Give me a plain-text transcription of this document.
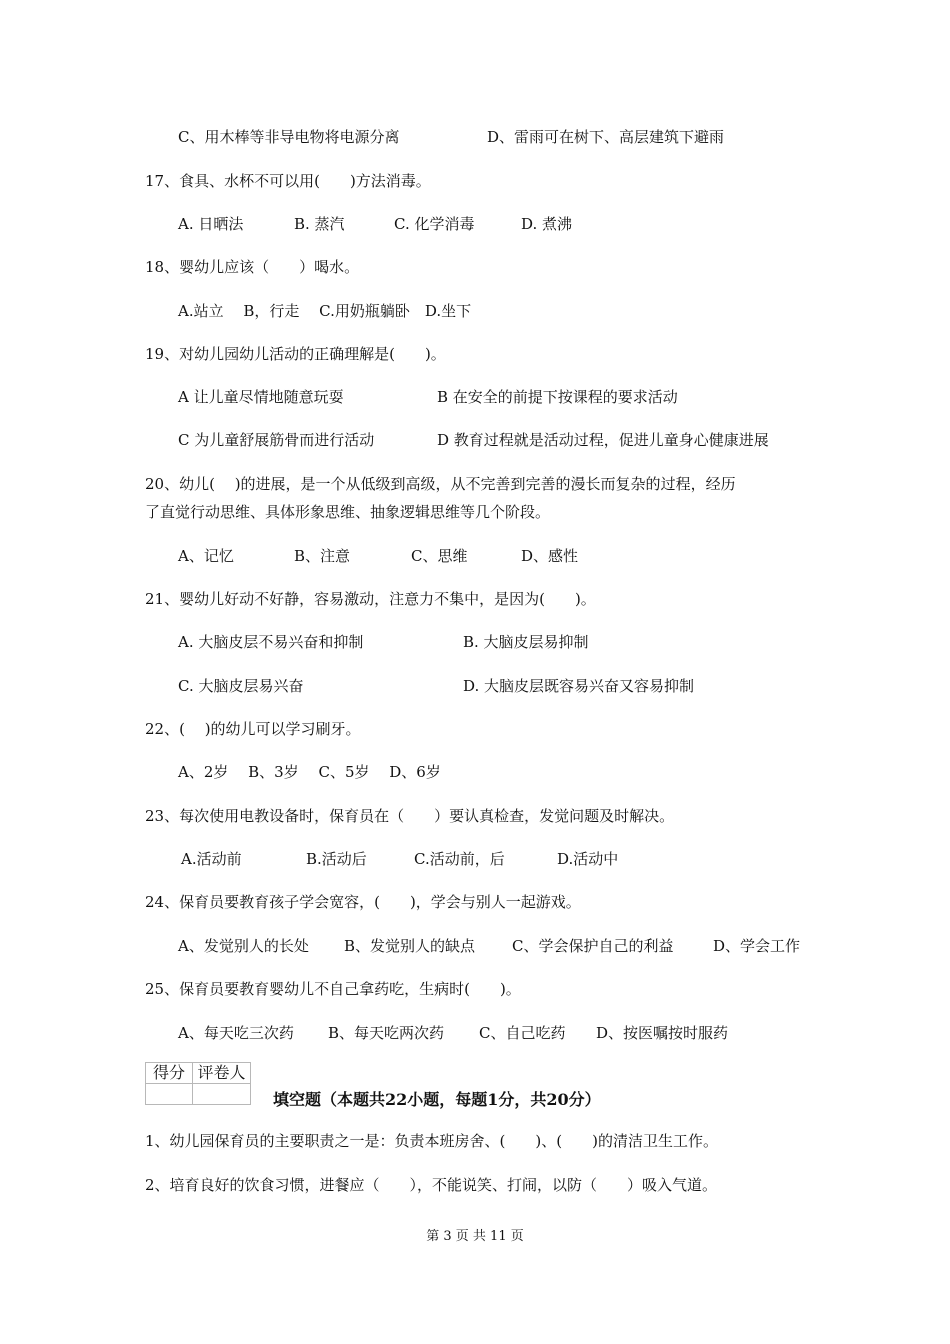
C、用木棒等非导电物将电源分离	D、雷雨可在树下、高层建筑下避雨
17、食具、水杯不可以用(　　)方法消毒。
A. 日晒法	B. 蒸汽	C. 化学消毒	D. 煮沸
18、婴幼儿应该（　　）喝水。
A.站立　 B，行走　 C.用奶瓶躺卧　D.坐下
19、对幼儿园幼儿活动的正确理解是(　　)。
A 让儿童尽情地随意玩耍	B 在安全的前提下按课程的要求活动
C 为儿童舒展筋骨而进行活动	D 教育过程就是活动过程，促进儿童身心健康进展
20、幼儿(　 )的进展，是一个从低级到高级，从不完善到完善的漫长而复杂的过程，经历
了直觉行动思维、具体形象思维、抽象逻辑思维等几个阶段。
A、记忆	B、注意	C、思维	D、感性
21、婴幼儿好动不好静，容易激动，注意力不集中，是因为(　　)。
A. 大脑皮层不易兴奋和抑制	B. 大脑皮层易抑制
C. 大脑皮层易兴奋	D. 大脑皮层既容易兴奋又容易抑制
22、(　 )的幼儿可以学习刷牙。
A、2岁　 B、3岁　 C、5岁　 D、6岁
23、每次使用电教设备时，保育员在（　　）要认真检查，发觉问题及时解决。
A.活动前	B.活动后	C.活动前，后	D.活动中
24、保育员要教育孩子学会宽容，(　　)，学会与别人一起游戏。
A、发觉别人的长处 B、发觉别人的缺点 C、学会保护自己的利益	D、学会工作
25、保育员要教育婴幼儿不自己拿药吃，生病时(　　)。
A、每天吃三次药 B、每天吃两次药 C、自己吃药 D、按医嘱按时服药
得分	评卷人

填空题（本题共22小题，每题1分，共20分）
1、幼儿园保育员的主要职责之一是：负责本班房舍、(　　)、(　　)的清洁卫生工作。
2、培育良好的饮食习惯，进餐应（　　），不能说笑、打闹，以防（　　）吸入气道。
第 3 页 共 11 页
